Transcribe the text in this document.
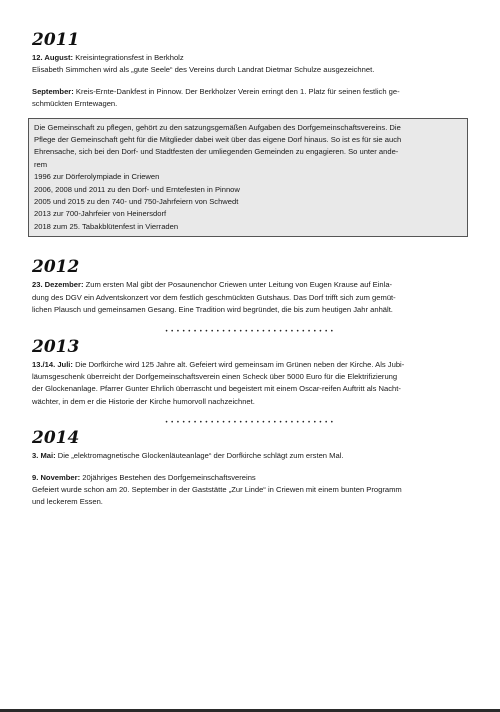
2011

12. August: Kreisintegrationsfest in Berkholz

Elisabeth Simmchen wird als „gute Seele“ des Vereins durch Landrat Dietmar Schulze ausgezeichnet.

September: Kreis-Ernte-Dankfest in Pinnow. Der Berkholzer Verein erringt den 1. Platz für seinen festlich ge-

schmückten Erntewagen.

Die Gemeinschaft zu pflegen, gehört zu den satzungsgemäßen Aufgaben des Dorfgemeinschaftsvereins. Die

Pflege der Gemeinschaft geht für die Mitglieder dabei weit über das eigene Dorf hinaus. So ist es für sie auch

Ehrensache, sich bei den Dorf- und Stadtfesten der umliegenden Gemeinden zu engagieren. So unter ande-

rem

1996 zur Dörferolympiade in Criewen

2006, 2008 und 2011 zu den Dorf- und Erntefesten in Pinnow

2005 und 2015 zu den 740- und 750-Jahrfeiern von Schwedt

2013 zur 700-Jahrfeier von Heinersdorf

2018 zum 25. Tabakblütenfest in Vierraden

2012

23. Dezember: Zum ersten Mal gibt der Posaunenchor Criewen unter Leitung von Eugen Krause auf Einla-

dung des DGV ein Adventskonzert vor dem festlich geschmückten Gutshaus. Das Dorf trifft sich zum gemüt-

lichen Plausch und gemeinsamen Gesang. Eine Tradition wird begründet, die bis zum heutigen Jahr anhält.

••••••••••••••••••••••••••••••
2013

13./14. Juli: Die Dorfkirche wird 125 Jahre alt. Gefeiert wird gemeinsam im Grünen neben der Kirche. Als Jubi-

läumsgeschenk überreicht der Dorfgemeinschaftsverein einen Scheck über 5000 Euro für die Elektrifizierung

der Glockenanlage. Pfarrer Gunter Ehrlich überrascht und begeistert mit einem Oscar-reifen Auftritt als Nacht-

wächter, in dem er die Historie der Kirche humorvoll nachzeichnet.

••••••••••••••••••••••••••••••
2014

3. Mai: Die „elektromagnetische Glockenläuteanlage“ der Dorfkirche schlägt zum ersten Mal.

9. November: 20jähriges Bestehen des Dorfgemeinschaftsvereins

Gefeiert wurde schon am 20. September in der Gaststätte „Zur Linde“ in Criewen mit einem bunten Programm

und leckerem Essen.
